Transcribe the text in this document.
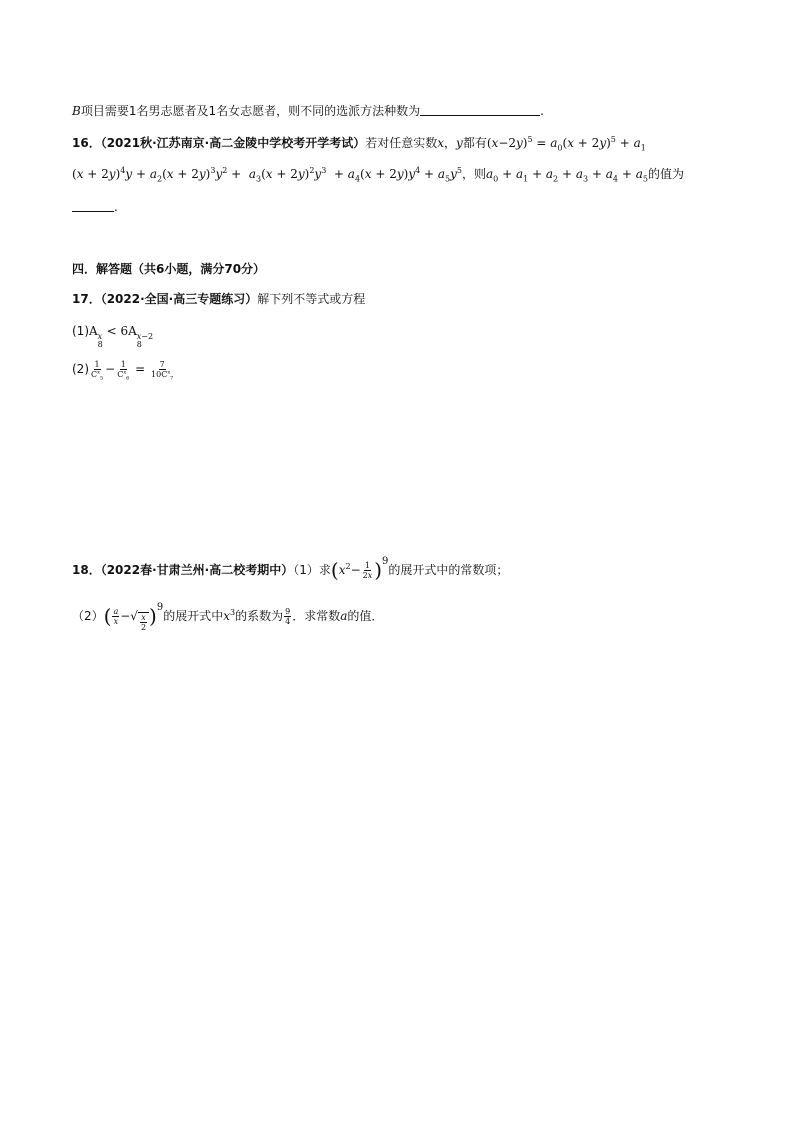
B项目需要1名男志愿者及1名女志愿者，则不同的选派方法种数为	.
16．（2021秋·江苏南京·高二金陵中学校考开学考试）若对任意实数x，y都有$(x-2y)^5 = a_0(x + 2y)^5 + a_1$
$(x + 2y)^4y + a_2(x + 2y)^3y^2 + a_3(x + 2y)^2y^3 + a_4(x + 2y)y^4 + a_5y^5$，则$a_0 + a_1 + a_2 + a_3 + a_4 + a_5$的值为
.
四．解答题（共6小题，满分70分）
17．（2022·全国·高三专题练习）解下列不等式或方程
(1)A x
8
< 6A x−2
8
$(2) \frac{1}{C^x_5} - \frac{1}{C^x_6} = \frac{7}{10C^x_7}$
18．（2022春·甘肃兰州·高二校考期中）（1）求$(x^2- \frac{1}{2x} )^9$的展开式中的常数项；
$(2)( \frac{a}{x}$ −√ $\frac{x}{2} )^9$的展开式中$x^3$的系数为 $\frac{9}{4}$ ．求常数a的值．
